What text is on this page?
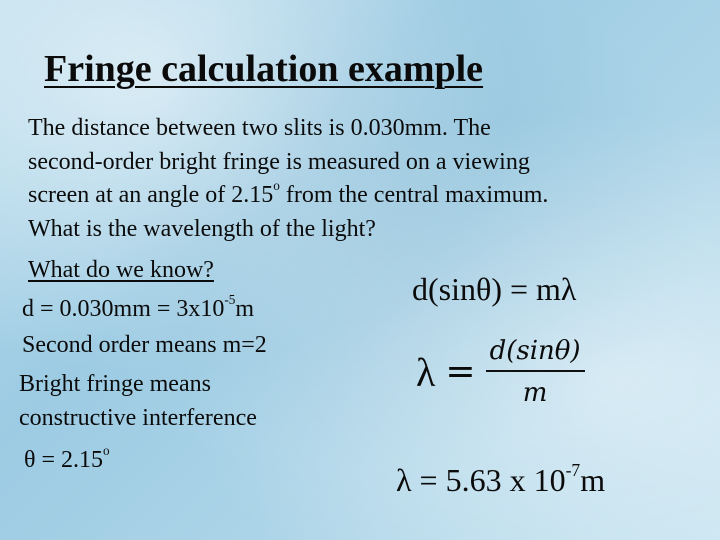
Fringe calculation example
The distance between two slits is 0.030mm. The
second-order bright fringe is measured on a viewing
screen at an angle of 2.15$^o$ from the central maximum.
What is the wavelength of the light?
What do we know?
$d = 0.030mm = 3x10^{-5}m$
Second order means m=2
Bright fringe means
constructive interference
$\theta = 2.15^o$
d(sinθ) = mλ
$\lambda = \frac{d(\sin\theta)}{m}$
λ = 5.63 x $10^{-7}m$
